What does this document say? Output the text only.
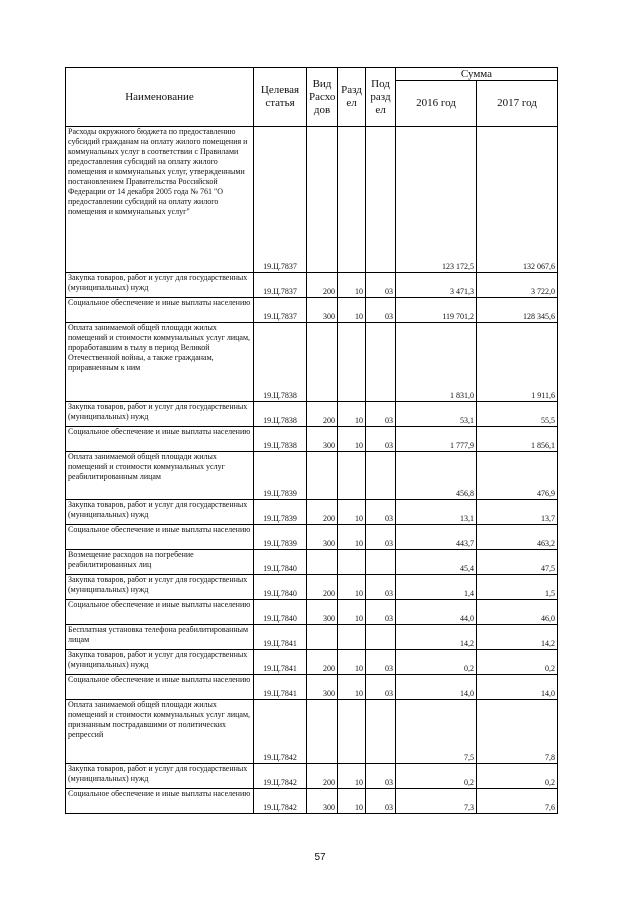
Наименование	Целевая статья	Вид Расхо дов	Разд ел	Под разд ел	Сумма	
					2016 год	2017 год
Расходы окружного бюджета по предоставлению субсидий гражданам на оплату жилого помещения и коммунальных услуг в соответствии с Правилами предоставления субсидий на оплату жилого помещения и коммунальных услуг, утвержденными постановлением Правительства Российской Федерации от 14 декабря 2005 года № 761 "О предоставлении субсидий на оплату жилого помещения и коммунальных услуг"	19.Ц.7837				123 172,5	132 067,6
Закупка товаров, работ и услуг для государственных (муниципальных) нужд	19.Ц.7837	200	10	03	3 471,3	3 722,0
Социальное обеспечение и иные выплаты населению	19.Ц.7837	300	10	03	119 701,2	128 345,6
Оплата занимаемой общей площади жилых помещений и стоимости коммунальных услуг лицам, проработавшим в тылу в период Великой Отечественной войны, а также гражданам, приравненным к ним	19.Ц.7838				1 831,0	1 911,6
Закупка товаров, работ и услуг для государственных (муниципальных) нужд	19.Ц.7838	200	10	03	53,1	55,5
Социальное обеспечение и иные выплаты населению	19.Ц.7838	300	10	03	1 777,9	1 856,1
Оплата занимаемой общей площади жилых помещений и стоимости коммунальных услуг реабилитированным лицам	19.Ц.7839				456,8	476,9
Закупка товаров, работ и услуг для государственных (муниципальных) нужд	19.Ц.7839	200	10	03	13,1	13,7
Социальное обеспечение и иные выплаты населению	19.Ц.7839	300	10	03	443,7	463,2
Возмещение расходов на погребение реабилитированных лиц	19.Ц.7840				45,4	47,5
Закупка товаров, работ и услуг для государственных (муниципальных) нужд	19.Ц.7840	200	10	03	1,4	1,5
Социальное обеспечение и иные выплаты населению	19.Ц.7840	300	10	03	44,0	46,0
Бесплатная установка телефона реабилитированным лицам	19.Ц.7841				14,2	14,2
Закупка товаров, работ и услуг для государственных (муниципальных) нужд	19.Ц.7841	200	10	03	0,2	0,2
Социальное обеспечение и иные выплаты населению	19.Ц.7841	300	10	03	14,0	14,0
Оплата занимаемой общей площади жилых помещений и стоимости коммунальных услуг лицам, признанным пострадавшими от политических репрессий	19.Ц.7842				7,5	7,8
Закупка товаров, работ и услуг для государственных (муниципальных) нужд	19.Ц.7842	200	10	03	0,2	0,2
Социальное обеспечение и иные выплаты населению	19.Ц.7842	300	10	03	7,3	7,6
57
